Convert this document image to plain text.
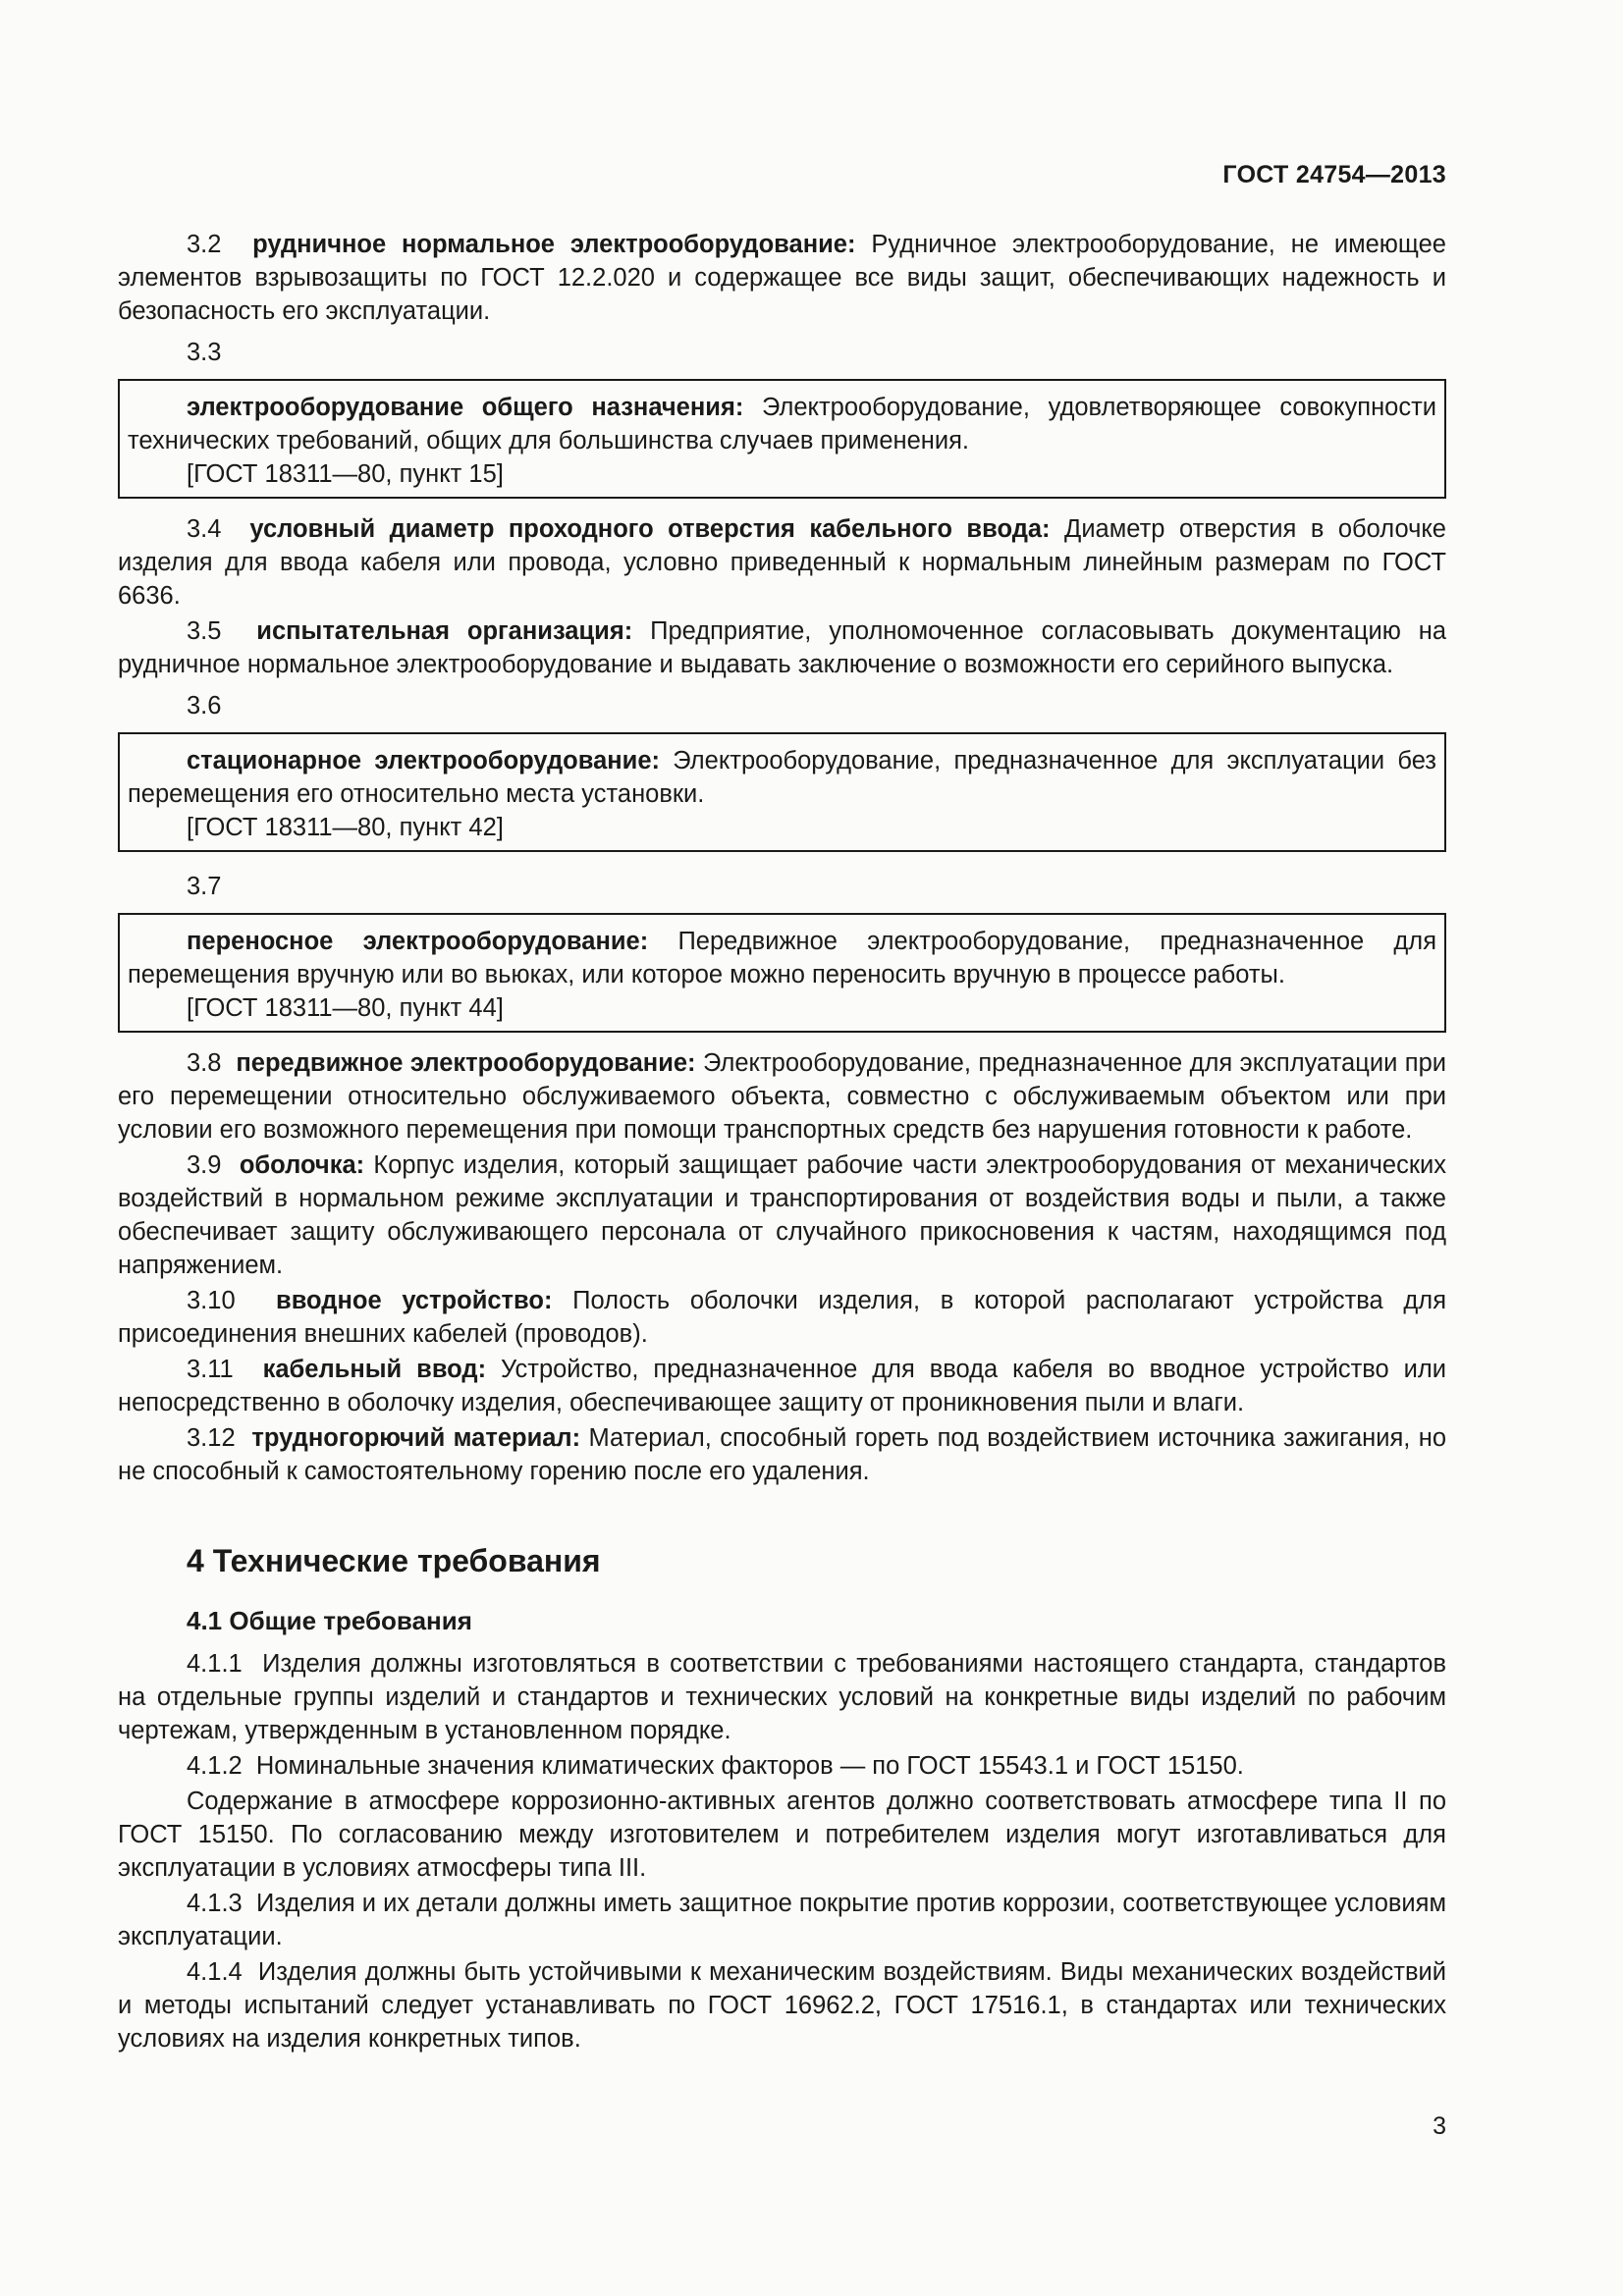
ГОСТ 24754—2013

3.2 рудничное нормальное электрооборудование: Рудничное электрооборудование, не имеющее элементов взрывозащиты по ГОСТ 12.2.020 и содержащее все виды защит, обеспечивающих надежность и безопасность его эксплуатации.

3.3

электрооборудование общего назначения: Электрооборудование, удовлетворяющее совокупности технических требований, общих для большинства случаев применения.

[ГОСТ 18311—80, пункт 15]

3.4 условный диаметр проходного отверстия кабельного ввода: Диаметр отверстия в оболочке изделия для ввода кабеля или провода, условно приведенный к нормальным линейным размерам по ГОСТ 6636.

3.5 испытательная организация: Предприятие, уполномоченное согласовывать документацию на рудничное нормальное электрооборудование и выдавать заключение о возможности его серийного выпуска.

3.6

стационарное электрооборудование: Электрооборудование, предназначенное для эксплуатации без перемещения его относительно места установки.

[ГОСТ 18311—80, пункт 42]

3.7

переносное электрооборудование: Передвижное электрооборудование, предназначенное для перемещения вручную или во вьюках, или которое можно переносить вручную в процессе работы.

[ГОСТ 18311—80, пункт 44]

3.8 передвижное электрооборудование: Электрооборудование, предназначенное для эксплуатации при его перемещении относительно обслуживаемого объекта, совместно с обслуживаемым объектом или при условии его возможного перемещения при помощи транспортных средств без нарушения готовности к работе.

3.9 оболочка: Корпус изделия, который защищает рабочие части электрооборудования от механических воздействий в нормальном режиме эксплуатации и транспортирования от воздействия воды и пыли, а также обеспечивает защиту обслуживающего персонала от случайного прикосновения к частям, находящимся под напряжением.

3.10 вводное устройство: Полость оболочки изделия, в которой располагают устройства для присоединения внешних кабелей (проводов).

3.11 кабельный ввод: Устройство, предназначенное для ввода кабеля во вводное устройство или непосредственно в оболочку изделия, обеспечивающее защиту от проникновения пыли и влаги.

3.12 трудногорючий материал: Материал, способный гореть под воздействием источника зажигания, но не способный к самостоятельному горению после его удаления.

4 Технические требования
4.1 Общие требования

4.1.1 Изделия должны изготовляться в соответствии с требованиями настоящего стандарта, стандартов на отдельные группы изделий и стандартов и технических условий на конкретные виды изделий по рабочим чертежам, утвержденным в установленном порядке.

4.1.2 Номинальные значения климатических факторов — по ГОСТ 15543.1 и ГОСТ 15150.

Содержание в атмосфере коррозионно-активных агентов должно соответствовать атмосфере типа II по ГОСТ 15150. По согласованию между изготовителем и потребителем изделия могут изготавливаться для эксплуатации в условиях атмосферы типа III.

4.1.3 Изделия и их детали должны иметь защитное покрытие против коррозии, соответствующее условиям эксплуатации.

4.1.4 Изделия должны быть устойчивыми к механическим воздействиям. Виды механических воздействий и методы испытаний следует устанавливать по ГОСТ 16962.2, ГОСТ 17516.1, в стандартах или технических условиях на изделия конкретных типов.

3
